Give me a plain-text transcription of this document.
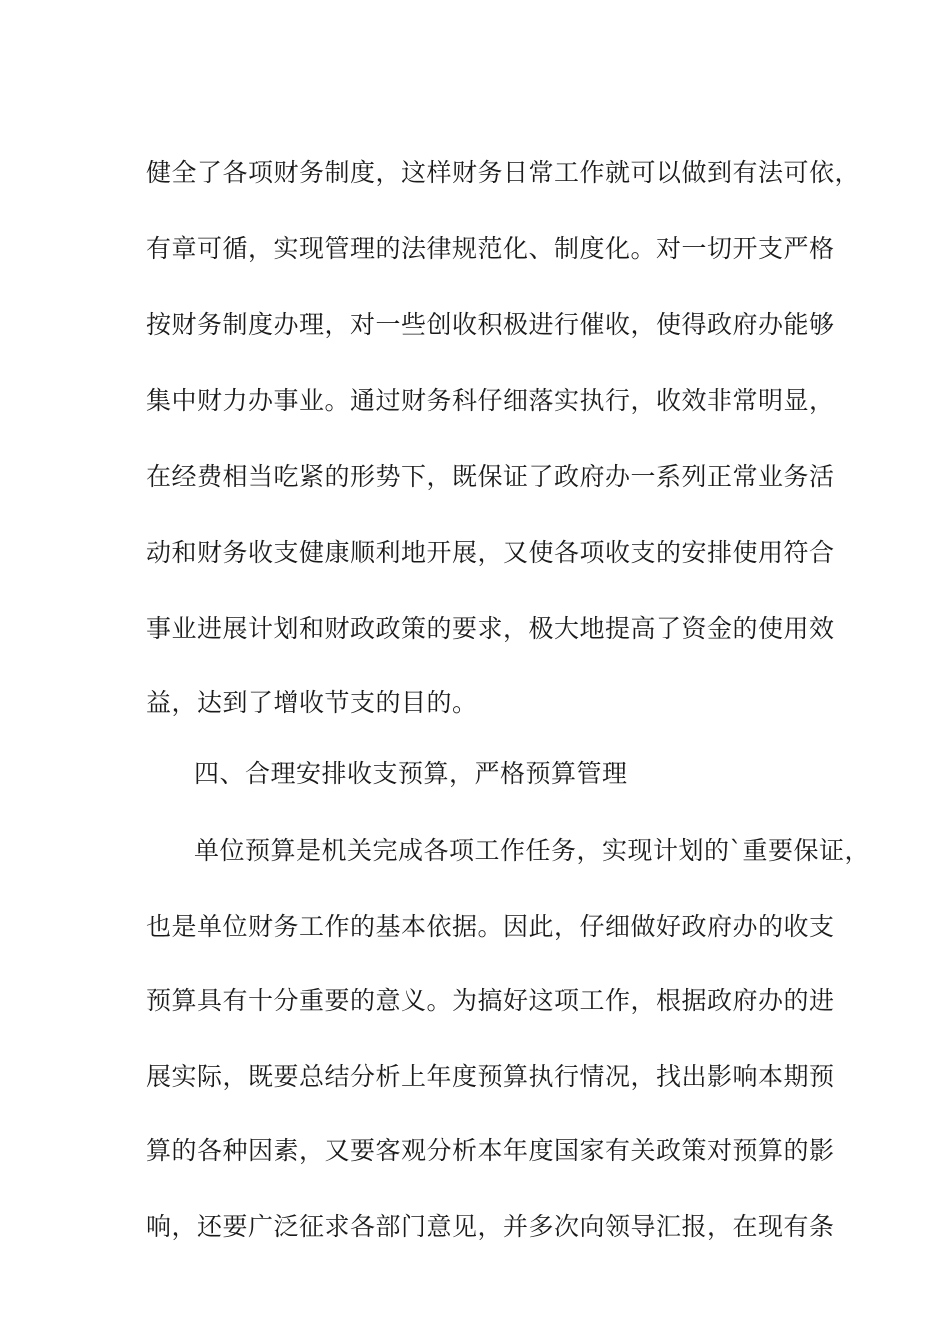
健全了各项财务制度，这样财务日常工作就可以做到有法可依，

有章可循，实现管理的法律规范化、制度化。对一切开支严格

按财务制度办理，对一些创收积极进行催收，使得政府办能够

集中财力办事业。通过财务科仔细落实执行，收效非常明显，

在经费相当吃紧的形势下，既保证了政府办一系列正常业务活

动和财务收支健康顺利地开展，又使各项收支的安排使用符合

事业进展计划和财政政策的要求，极大地提高了资金的使用效

益，达到了增收节支的目的。

四、合理安排收支预算，严格预算管理

单位预算是机关完成各项工作任务，实现计划的`重要保证，

也是单位财务工作的基本依据。因此，仔细做好政府办的收支

预算具有十分重要的意义。为搞好这项工作，根据政府办的进

展实际，既要总结分析上年度预算执行情况，找出影响本期预

算的各种因素，又要客观分析本年度国家有关政策对预算的影

响，还要广泛征求各部门意见，并多次向领导汇报，在现有条
